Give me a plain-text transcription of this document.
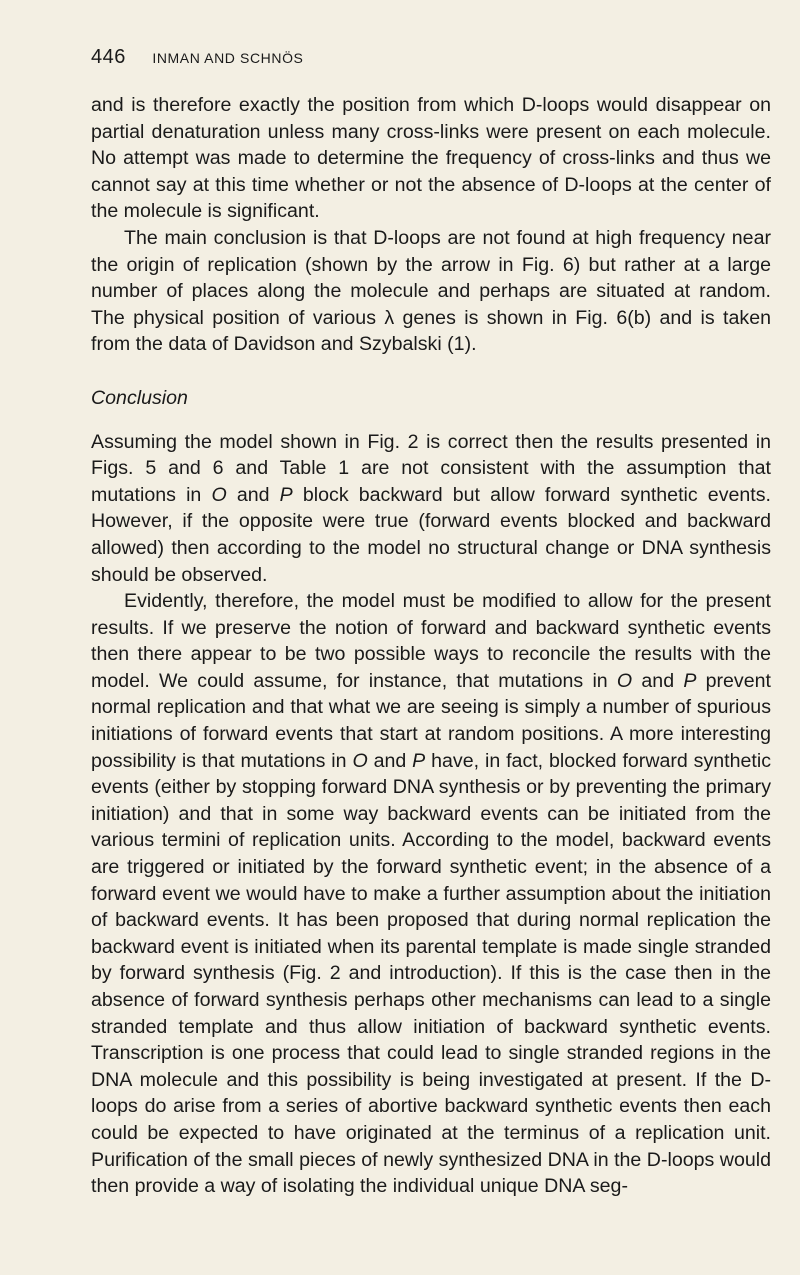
446 INMAN AND SCHNÖS

and is therefore exactly the position from which D-loops would disappear on partial denaturation unless many cross-links were present on each molecule. No attempt was made to determine the frequency of cross-links and thus we cannot say at this time whether or not the absence of D-loops at the center of the molecule is significant.

The main conclusion is that D-loops are not found at high frequency near the origin of replication (shown by the arrow in Fig. 6) but rather at a large number of places along the molecule and perhaps are situated at random. The physical position of various λ genes is shown in Fig. 6(b) and is taken from the data of Davidson and Szybalski (1).

Conclusion

Assuming the model shown in Fig. 2 is correct then the results presented in Figs. 5 and 6 and Table 1 are not consistent with the assumption that mutations in O and P block backward but allow forward synthetic events. However, if the opposite were true (forward events blocked and backward allowed) then according to the model no structural change or DNA synthesis should be observed.

Evidently, therefore, the model must be modified to allow for the present results. If we preserve the notion of forward and backward synthetic events then there appear to be two possible ways to reconcile the results with the model. We could assume, for instance, that mutations in O and P prevent normal replication and that what we are seeing is simply a number of spurious initiations of forward events that start at random positions. A more interesting possibility is that mutations in O and P have, in fact, blocked forward synthetic events (either by stopping forward DNA synthesis or by preventing the primary initiation) and that in some way backward events can be initiated from the various termini of replication units. According to the model, backward events are triggered or initiated by the forward synthetic event; in the absence of a forward event we would have to make a further assumption about the initiation of backward events. It has been proposed that during normal replication the backward event is initiated when its parental template is made single stranded by forward synthesis (Fig. 2 and introduction). If this is the case then in the absence of forward synthesis perhaps other mechanisms can lead to a single stranded template and thus allow initiation of backward synthetic events. Transcription is one process that could lead to single stranded regions in the DNA molecule and this possibility is being investigated at present. If the D-loops do arise from a series of abortive backward synthetic events then each could be expected to have originated at the terminus of a replication unit. Purification of the small pieces of newly synthesized DNA in the D-loops would then provide a way of isolating the individual unique DNA seg-
